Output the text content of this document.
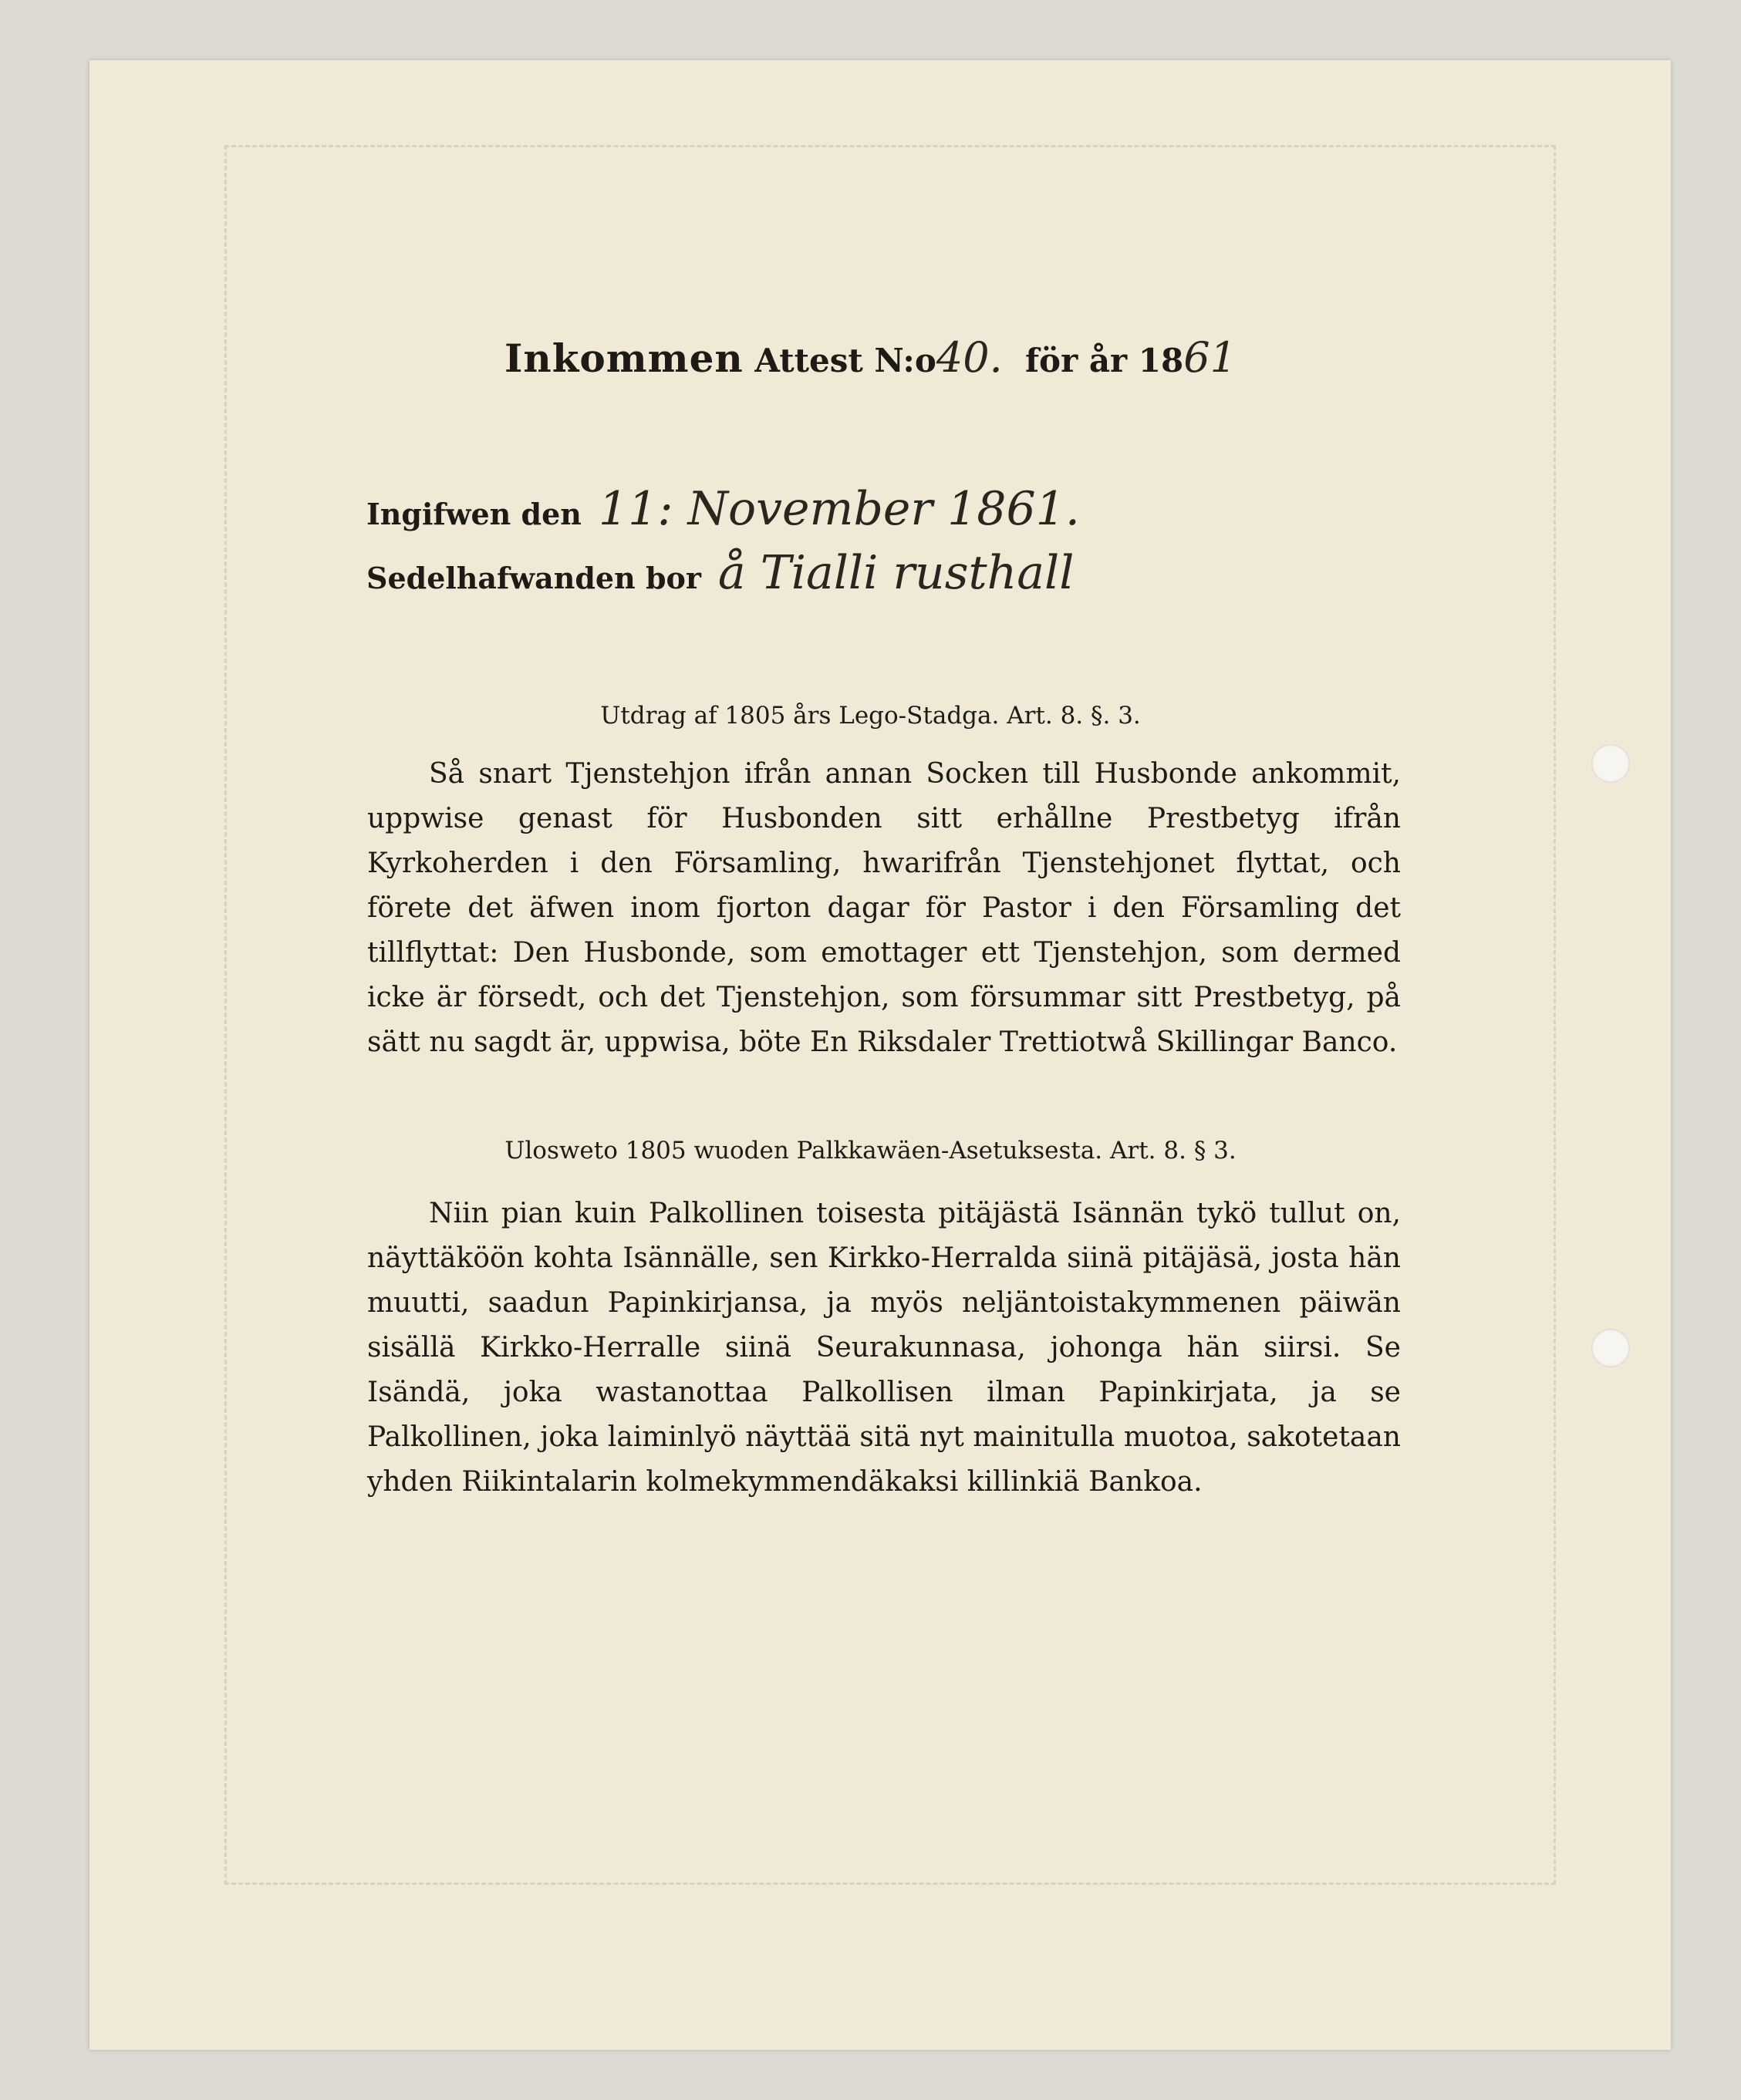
Inkommen Attest N:o40. för år 1861
Ingifwen den 11: November 1861.
Sedelhafwanden bor å Tialli rusthall
Utdrag af 1805 års Lego-Stadga. Art. 8. §. 3.
Så snart Tjenstehjon ifrån annan Socken till Husbonde ankommit, uppwise genast för Husbonden sitt erhållne Prestbetyg ifrån Kyrkoherden i den Församling, hwarifrån Tjenstehjonet flyttat, och förete det äfwen inom fjorton dagar för Pastor i den Församling det tillflyttat: Den Husbonde, som emottager ett Tjenstehjon, som dermed icke är försedt, och det Tjenstehjon, som försummar sitt Prestbetyg, på sätt nu sagdt är, uppwisa, böte En Riksdaler Trettiotwå Skillingar Banco.
Ulosweto 1805 wuoden Palkkawäen-Asetuksesta. Art. 8. § 3.
Niin pian kuin Palkollinen toisesta pitäjästä Isännän tykö tullut on, näyttäköön kohta Isännälle, sen Kirkko-Herralda siinä pitäjäsä, josta hän muutti, saadun Papinkirjansa, ja myös neljäntoistakymmenen päiwän sisällä Kirkko-Herralle siinä Seurakunnasa, johonga hän siirsi. Se Isändä, joka wastanottaa Palkollisen ilman Papinkirjata, ja se Palkollinen, joka laiminlyö näyttää sitä nyt mainitulla muotoa, sakotetaan yhden Riikintalarin kolmekymmendäkaksi killinkiä Bankoa.
